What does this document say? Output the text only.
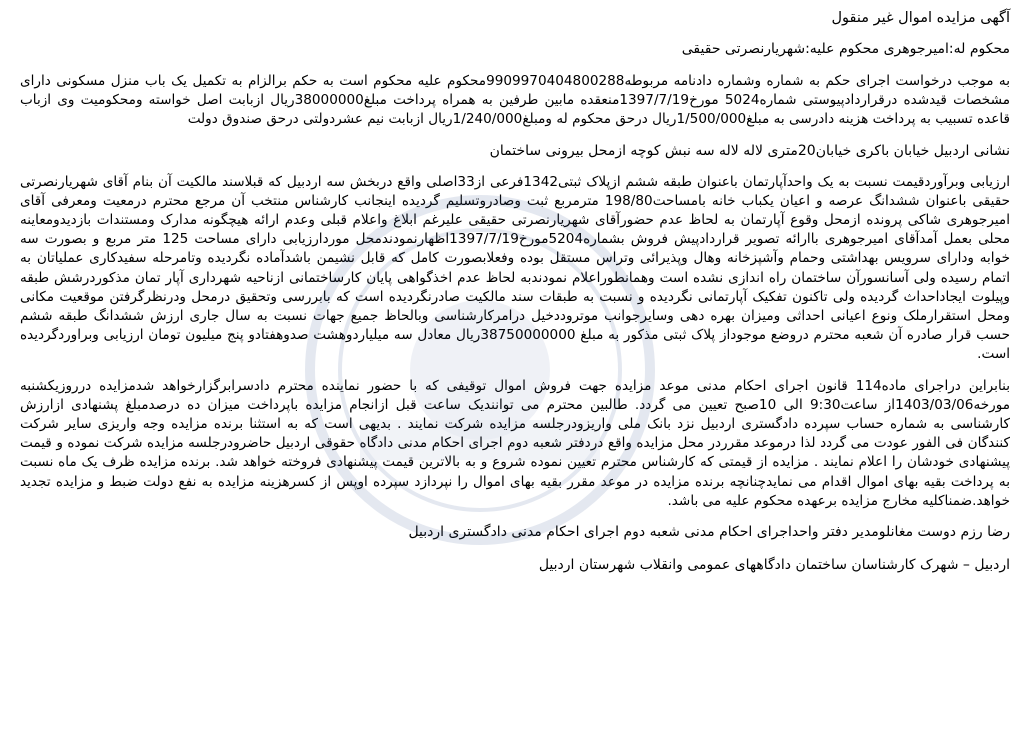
آگهی مزایده اموال غیر منقول

محکوم له:امیرجوهری محکوم علیه:شهریارنصرتی حقیقی

به موجب درخواست اجرای حکم به شماره وشماره دادنامه مربوطه9909970404800288محکوم علیه محکوم است به حکم برالزام به تکمیل یک باب منزل مسکونی دارای مشخصات قیدشده درقراردادپیوستی شماره5024 مورخ1397/7/19منعقده مابین طرفین به همراه پرداخت مبلغ38000000ریال ازبابت اصل خواسته ومحکومیت وی ازباب قاعده تسبیب به پرداخت هزینه دادرسی به مبلغ1/500/000ریال درحق محکوم له ومبلغ1/240/000ریال ازبابت نیم عشردولتی درحق صندوق دولت

نشانی اردبیل خیابان باکری خیابان20متری لاله لاله سه نبش کوچه ازمحل بیرونی ساختمان

ارزیابی وبرآوردقیمت نسبت به یک واحدآپارتمان باعنوان طبقه ششم ازپلاک ثبتی1342فرعی از33اصلی واقع دربخش سه اردبیل که قبلاسند مالکیت آن بنام آقای شهریارنصرتی حقیقی باعنوان ششدانگ عرصه و اعیان یکباب خانه بامساحت198/80 مترمربع ثبت وصادروتسلیم گردیده اینجانب کارشناس منتخب آن مرجع محترم درمعیت ومعرفی آقای امیرجوهری شاکی پرونده ازمحل وقوع آپارتمان به لحاظ عدم حضورآقای شهریارنصرتی حقیقی علیرغم ابلاغ واعلام قبلی وعدم ارائه هیچگونه مدارک ومستندات بازدیدومعاینه محلی بعمل آمدآقای امیرجوهری باارائه تصویر قراردادپیش فروش بشماره5204مورخ1397/7/19اظهارنمودندمحل موردارزیابی دارای مساحت 125 متر مربع و بصورت سه خوابه ودارای سرویس بهداشتی وحمام وآشپزخانه وهال وپذیرائی وتراس مستقل بوده وفعلابصورت کامل که قابل نشیمن باشدآماده نگردیده وتامرحله سفیدکاری عملیاتان به اتمام رسیده ولی آسانسورآن ساختمان راه اندازی نشده است وهمانطوراعلام نمودندبه لحاظ عدم اخذگواهی پایان کارساختمانی ازناحیه شهرداری آپار تمان مذکوردرشش طبقه وپیلوت ایجاداحداث گردیده ولی تاکنون تفکیک آپارتمانی نگردیده و نسبت به طبقات سند مالکیت صادرنگردیده است که بابررسی وتحقیق درمحل ودرنظرگرفتن موقعیت مکانی ومحل استقرارملک ونوع اعیانی احداثی ومیزان بهره دهی وسایرجوانب موتروددخیل درامرکارشناسی وبالحاظ جمیع جهات نسبت به سال جاری ارزش ششدانگ طبقه ششم حسب قرار صادره آن شعبه محترم دروضع موجوداز پلاک ثبتی مذکور به مبلغ 38750000000ریال معادل سه میلیاردوهشت صدوهفتادو پنج میلیون تومان ارزیابی وبراوردگردیده است.

بنابراین دراجرای ماده114 قانون اجرای احکام مدنی موعد مزایده جهت فروش اموال توقیفی که با حضور نماینده محترم دادسرابرگزارخواهد شدمزایده درروزیکشنبه مورخه1403/03/06از ساعت9:30 الی 10صبح تعیین می گردد. طالبین محترم می توانندیک ساعت قبل ازانجام مزایده باپرداخت میزان ده درصدمبلغ پشنهادی ازارزش کارشناسی به شماره حساب سپرده دادگستری اردبیل نزد بانک ملی واریزودرجلسه مزایده شرکت نمایند . بدیهی است که به استثنا برنده مزایده وجه واریزی سایر شرکت کنندگان فی الفور عودت می گردد لذا درموعد مقرردر محل مزایده واقع دردفتر شعبه دوم اجرای احکام مدنی دادگاه حقوقی اردبیل حاضرودرجلسه مزایده شرکت نموده و قیمت پیشنهادی خودشان را اعلام نمایند . مزایده از قیمتی که کارشناس محترم تعیین نموده شروع و به بالاترین قیمت پیشنهادی فروخته خواهد شد. برنده مزایده ظرف یک ماه نسبت به پرداخت بقیه بهای اموال اقدام می نمایدچنانچه برنده مزایده در موعد مقرر بقیه بهای اموال را نپردازد سپرده اوپس از کسرهزینه مزایده به نفع دولت ضبط و مزایده تجدید خواهد.ضمناکلیه مخارج مزایده برعهده محکوم علیه می باشد.

رضا رزم دوست مغانلومدیر دفتر واحداجرای احکام مدنی شعبه دوم اجرای احکام مدنی دادگستری اردبیل

اردبیل – شهرک کارشناسان ساختمان دادگاههای عمومی وانقلاب شهرستان اردبیل
